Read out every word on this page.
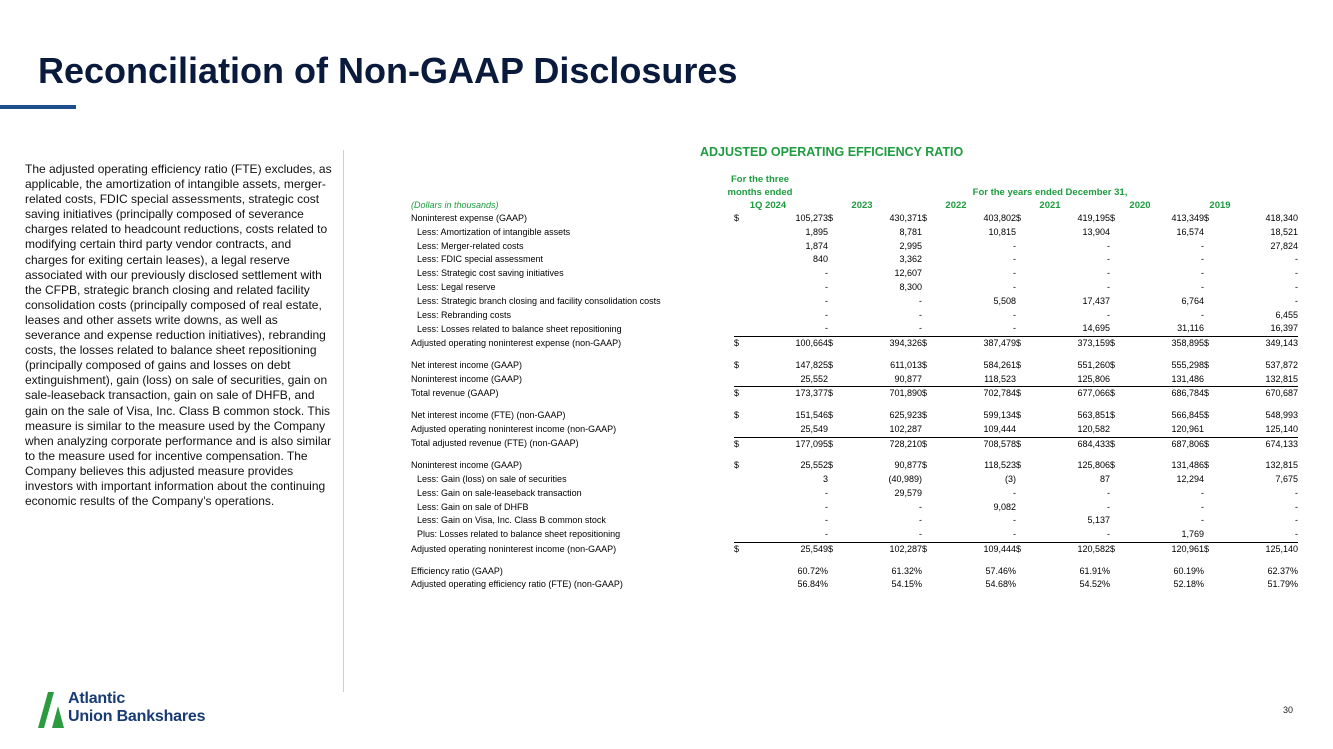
Reconciliation of Non-GAAP Disclosures

The adjusted operating efficiency ratio (FTE) excludes, as applicable, the amortization of intangible assets, merger-related costs, FDIC special assessments, strategic cost saving initiatives (principally composed of severance charges related to headcount reductions, costs related to modifying certain third party vendor contracts, and charges for exiting certain leases), a legal reserve associated with our previously disclosed settlement with the CFPB, strategic branch closing and related facility consolidation costs (principally composed of real estate, leases and other assets write downs, as well as severance and expense reduction initiatives), rebranding costs, the losses related to balance sheet repositioning (principally composed of gains and losses on debt extinguishment), gain (loss) on sale of securities, gain on sale-leaseback transaction, gain on sale of DHFB, and gain on the sale of Visa, Inc. Class B common stock. This measure is similar to the measure used by the Company when analyzing corporate performance and is also similar to the measure used for incentive compensation. The Company believes this adjusted measure provides investors with important information about the continuing economic results of the Company’s operations.

ADJUSTED OPERATING EFFICIENCY RATIO
For the three
months ended	For the years ended December 31,
(Dollars in thousands)	1Q 2024	2023	2022	2021	2020	2019
Noninterest expense (GAAP)	$	105,273	$	430,371	$	403,802	$	419,195	$	413,349	$	418,340
Less: Amortization of intangible assets		1,895		8,781		10,815		13,904		16,574		18,521
Less: Merger-related costs		1,874		2,995		-		-		-		27,824
Less: FDIC special assessment		840		3,362		-		-		-		-
Less: Strategic cost saving initiatives		-		12,607		-		-		-		-
Less: Legal reserve		-		8,300		-		-		-		-
Less: Strategic branch closing and facility consolidation costs		-		-		5,508		17,437		6,764		-
Less: Rebranding costs		-		-		-		-		-		6,455
Less: Losses related to balance sheet repositioning		-		-		-		14,695		31,116		16,397
Adjusted operating noninterest expense (non-GAAP)	$	100,664	$	394,326	$	387,479	$	373,159	$	358,895	$	349,143

Net interest income (GAAP)	$	147,825	$	611,013	$	584,261	$	551,260	$	555,298	$	537,872
Noninterest income (GAAP)		25,552		90,877		118,523		125,806		131,486		132,815
Total revenue (GAAP)	$	173,377	$	701,890	$	702,784	$	677,066	$	686,784	$	670,687

Net interest income (FTE) (non-GAAP)	$	151,546	$	625,923	$	599,134	$	563,851	$	566,845	$	548,993
Adjusted operating noninterest income (non-GAAP)		25,549		102,287		109,444		120,582		120,961		125,140
Total adjusted revenue (FTE) (non-GAAP)	$	177,095	$	728,210	$	708,578	$	684,433	$	687,806	$	674,133

Noninterest income (GAAP)	$	25,552	$	90,877	$	118,523	$	125,806	$	131,486	$	132,815
Less: Gain (loss) on sale of securities		3		(40,989)		(3)		87		12,294		7,675
Less: Gain on sale-leaseback transaction		-		29,579		-		-		-		-
Less: Gain on sale of DHFB		-		-		9,082		-		-		-
Less: Gain on Visa, Inc. Class B common stock		-		-		-		5,137		-		-
Plus: Losses related to balance sheet repositioning		-		-		-		-		1,769		-
Adjusted operating noninterest income (non-GAAP)	$	25,549	$	102,287	$	109,444	$	120,582	$	120,961	$	125,140

Efficiency ratio (GAAP)		60.72%		61.32%		57.46%		61.91%		60.19%		62.37%
Adjusted operating efficiency ratio (FTE) (non-GAAP)		56.84%		54.15%		54.68%		54.52%		52.18%		51.79%
Atlantic
Union Bankshares	30
